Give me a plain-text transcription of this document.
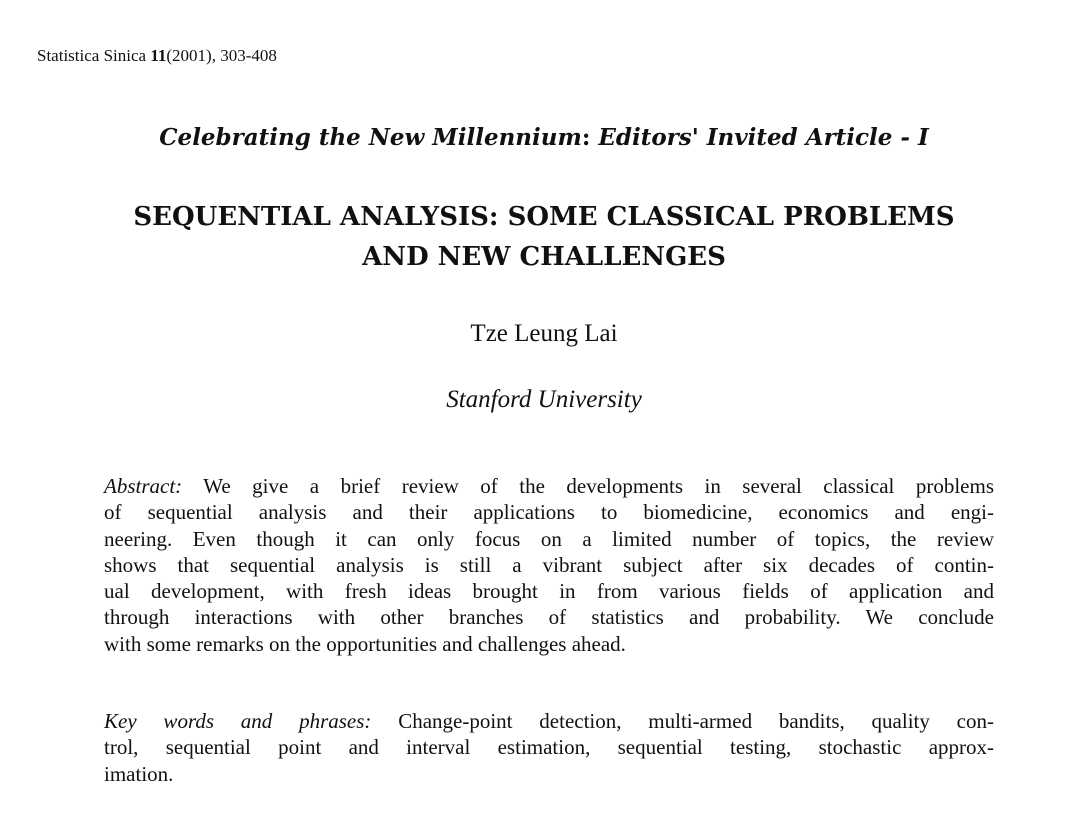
Statistica Sinica 11(2001), 303-408
Celebrating the New Millennium: Editors' Invited Article - I
SEQUENTIAL ANALYSIS: SOME CLASSICAL PROBLEMS
AND NEW CHALLENGES
Tze Leung Lai
Stanford University
Abstract: We give a brief review of the developments in several classical problems
of sequential analysis and their applications to biomedicine, economics and engi-
neering. Even though it can only focus on a limited number of topics, the review
shows that sequential analysis is still a vibrant subject after six decades of contin-
ual development, with fresh ideas brought in from various fields of application and
through interactions with other branches of statistics and probability. We conclude
with some remarks on the opportunities and challenges ahead.
Key words and phrases: Change-point detection, multi-armed bandits, quality con-
trol, sequential point and interval estimation, sequential testing, stochastic approx-
imation.
